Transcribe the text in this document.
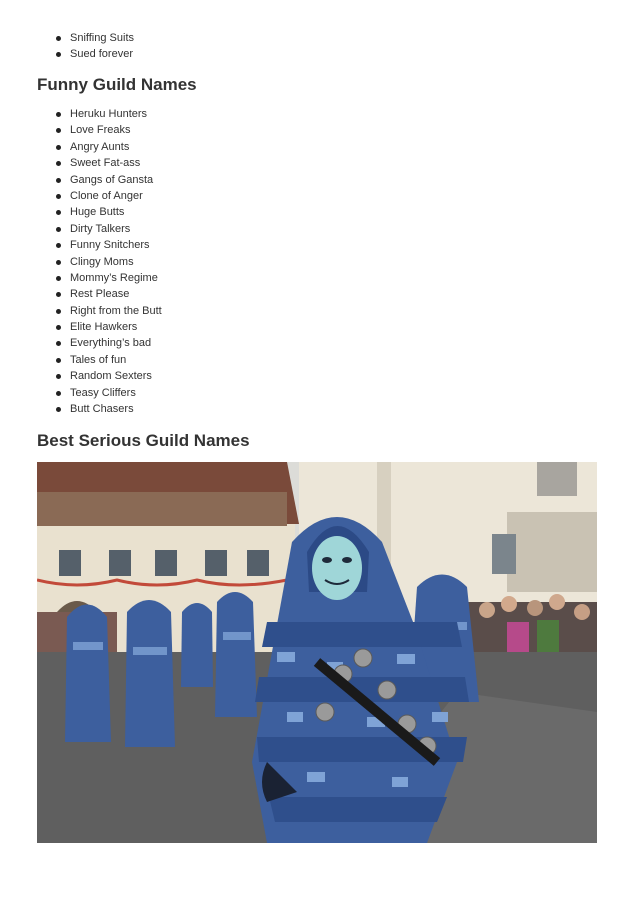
Sniffing Suits
Sued forever
Funny Guild Names
Heruku Hunters
Love Freaks
Angry Aunts
Sweet Fat-ass
Gangs of Gansta
Clone of Anger
Huge Butts
Dirty Talkers
Funny Snitchers
Clingy Moms
Mommy’s Regime
Rest Please
Right from the Butt
Elite Hawkers
Everything’s bad
Tales of fun
Random Sexters
Teasy Cliffers
Butt Chasers
Best Serious Guild Names
